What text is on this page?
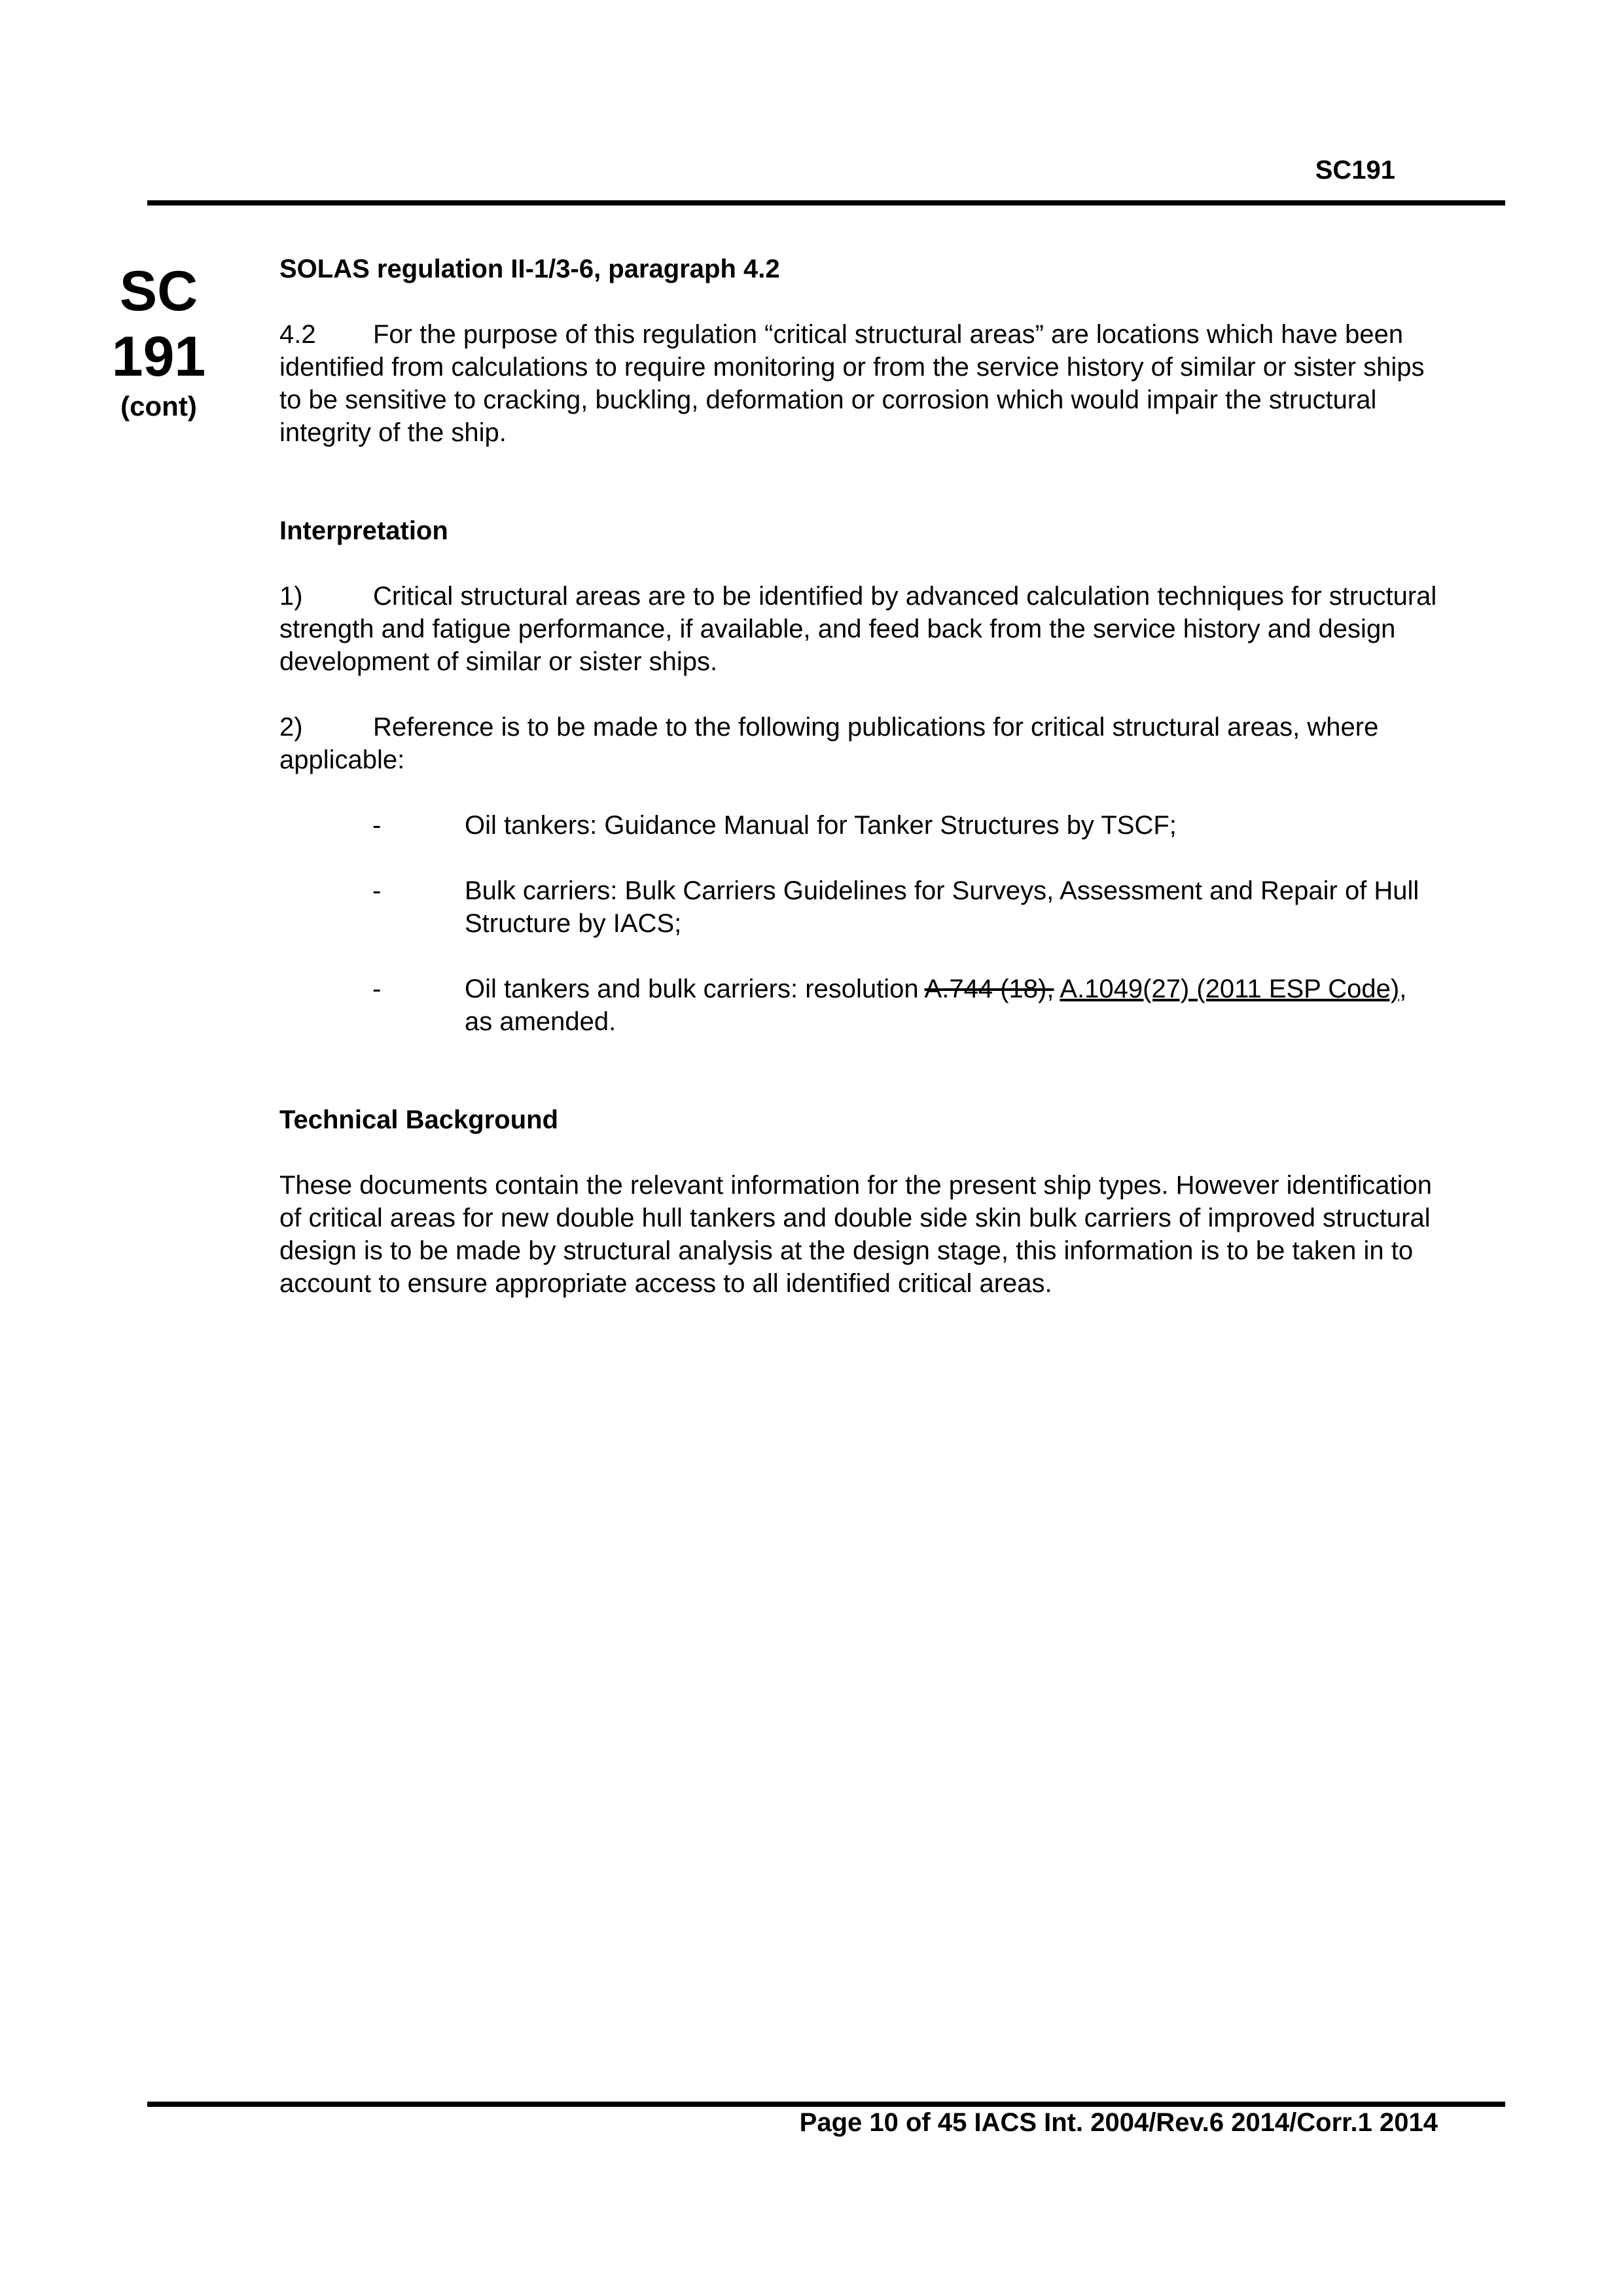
SC191
SC
191
(cont)

SOLAS regulation II-1/3-6, paragraph 4.2

4.2 For the purpose of this regulation “critical structural areas” are locations which have been identified from calculations to require monitoring or from the service history of similar or sister ships to be sensitive to cracking, buckling, deformation or corrosion which would impair the structural integrity of the ship.

Interpretation

1)	Critical structural areas are to be identified by advanced calculation techniques for structural strength and fatigue performance, if available, and feed back from the service history and design development of similar or sister ships.

2)	Reference is to be made to the following publications for critical structural areas, where applicable:

-	Oil tankers: Guidance Manual for Tanker Structures by TSCF;
-	Bulk carriers: Bulk Carriers Guidelines for Surveys, Assessment and Repair of Hull Structure by IACS;
-	Oil tankers and bulk carriers: resolution A.744 (18), A.1049(27) (2011 ESP Code), as amended.

Technical Background

These documents contain the relevant information for the present ship types. However identification of critical areas for new double hull tankers and double side skin bulk carriers of improved structural design is to be made by structural analysis at the design stage, this information is to be taken in to account to ensure appropriate access to all identified critical areas.

Page 10 of 45 IACS Int. 2004/Rev.6 2014/Corr.1 2014
